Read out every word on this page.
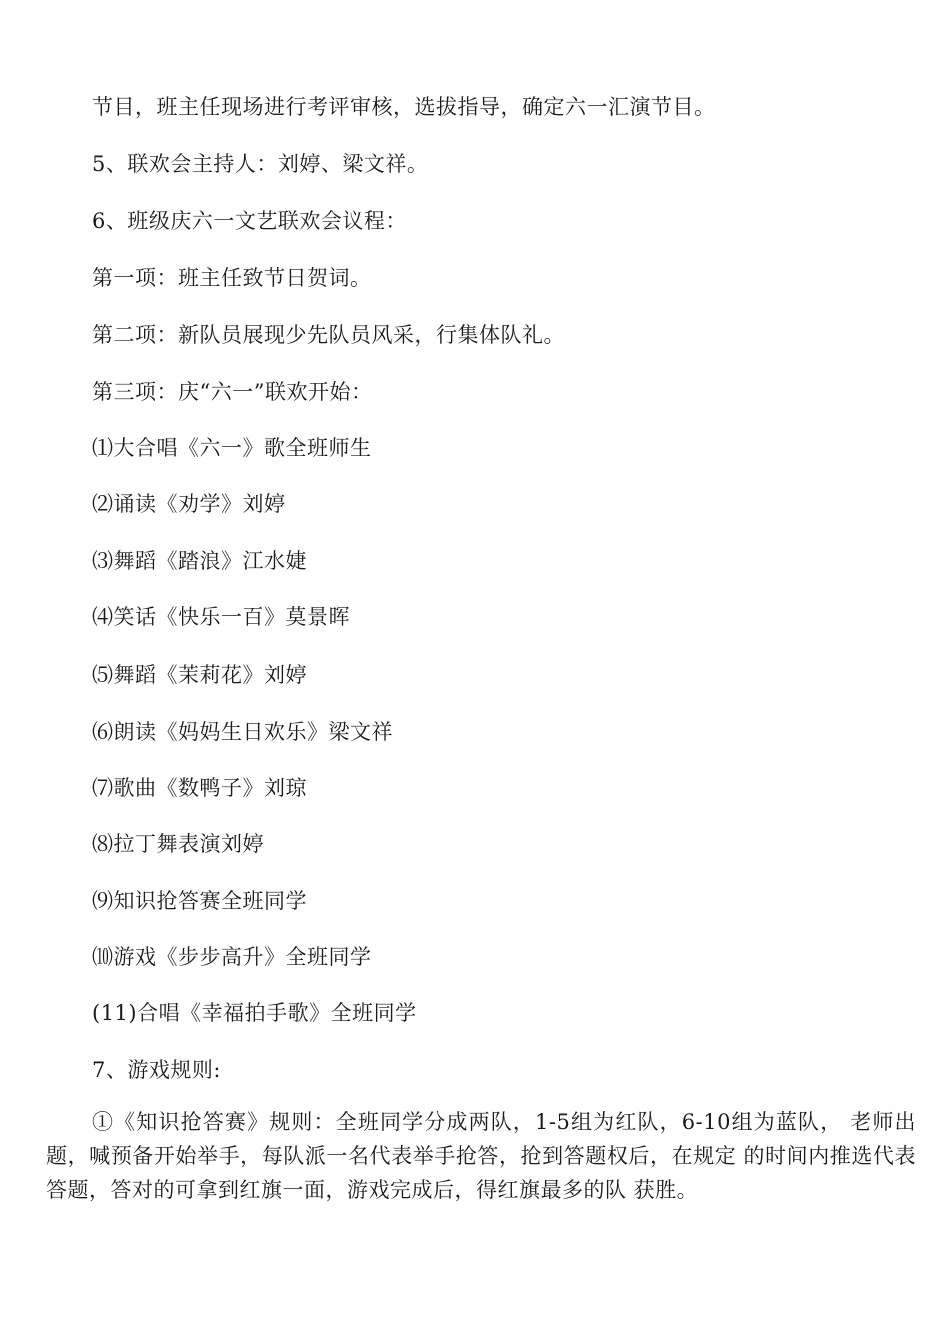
节目，班主任现场进行考评审核，选拔指导，确定六一汇演节目。
5、联欢会主持人：刘婷、梁文祥。
6、班级庆六一文艺联欢会议程：
第一项：班主任致节日贺词。
第二项：新队员展现少先队员风采，行集体队礼。
第三项：庆“六一”联欢开始：
⑴大合唱《六一》歌全班师生
⑵诵读《劝学》刘婷
⑶舞蹈《踏浪》江水婕
⑷笑话《快乐一百》莫景晖
⑸舞蹈《茉莉花》刘婷
⑹朗读《妈妈生日欢乐》梁文祥
⑺歌曲《数鸭子》刘琼
⑻拉丁舞表演刘婷
⑼知识抢答赛全班同学
⑽游戏《步步高升》全班同学
(11)合唱《幸福拍手歌》全班同学
7、游戏规则:
①《知识抢答赛》规则：全班同学分成两队，1-5组为红队，6-10组为蓝队， 老师出题，喊预备开始举手，每队派一名代表举手抢答，抢到答题权后，在规定 的时间内推选代表答题，答对的可拿到红旗一面，游戏完成后，得红旗最多的队 获胜。
